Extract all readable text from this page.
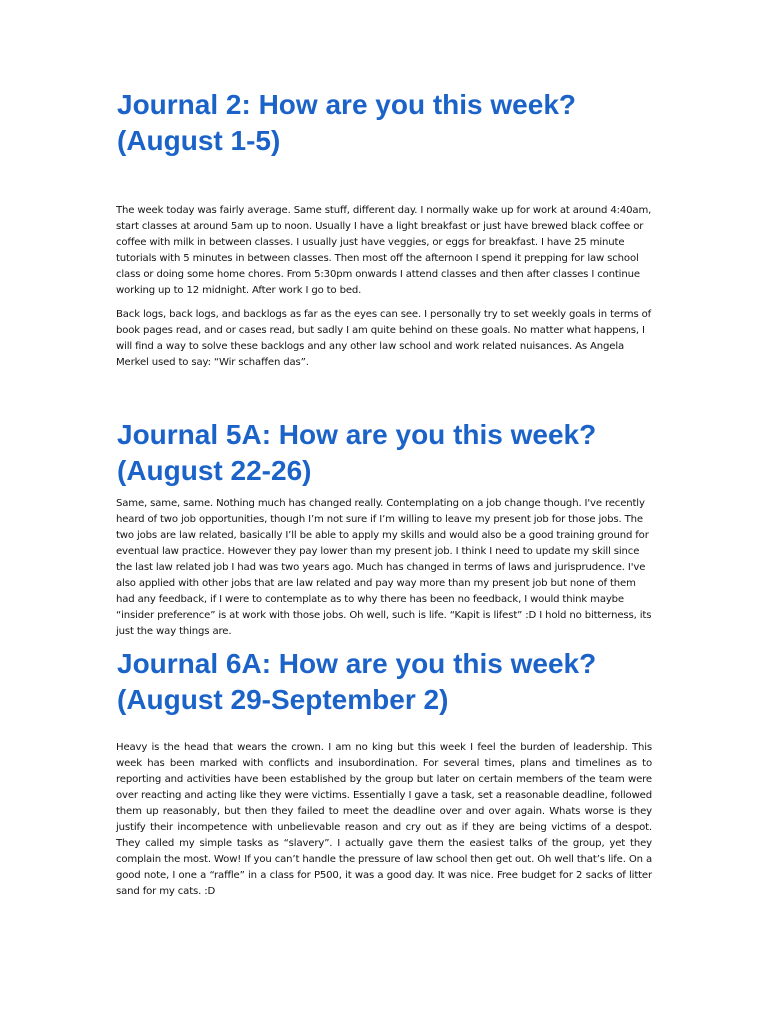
Journal 2: How are you this week?
(August 1-5)

The week today was fairly average. Same stuff, different day. I normally wake up for work at around 4:40am, start classes at around 5am up to noon. Usually I have a light breakfast or just have brewed black coffee or coffee with milk in between classes. I usually just have veggies, or eggs for breakfast. I have 25 minute tutorials with 5 minutes in between classes. Then most off the afternoon I spend it prepping for law school class or doing some home chores. From 5:30pm onwards I attend classes and then after classes I continue working up to 12 midnight. After work I go to bed.

Back logs, back logs, and backlogs as far as the eyes can see. I personally try to set weekly goals in terms of book pages read, and or cases read, but sadly I am quite behind on these goals. No matter what happens, I will find a way to solve these backlogs and any other law school and work related nuisances. As Angela Merkel used to say: “Wir schaffen das”.

Journal 5A: How are you this week?
(August 22-26)

Same, same, same. Nothing much has changed really. Contemplating on a job change though. I've recently heard of two job opportunities, though I’m not sure if I’m willing to leave my present job for those jobs. The two jobs are law related, basically I’ll be able to apply my skills and would also be a good training ground for eventual law practice. However they pay lower than my present job. I think I need to update my skill since the last law related job I had was two years ago. Much has changed in terms of laws and jurisprudence. I've also applied with other jobs that are law related and pay way more than my present job but none of them had any feedback, if I were to contemplate as to why there has been no feedback, I would think maybe “insider preference” is at work with those jobs. Oh well, such is life. “Kapit is lifest” :D I hold no bitterness, its just the way things are.

Journal 6A: How are you this week?
(August 29-September 2)

Heavy is the head that wears the crown. I am no king but this week I feel the burden of leadership. This week has been marked with conflicts and insubordination. For several times, plans and timelines as to reporting and activities have been established by the group but later on certain members of the team were over reacting and acting like they were victims. Essentially I gave a task, set a reasonable deadline, followed them up reasonably, but then they failed to meet the deadline over and over again. Whats worse is they justify their incompetence with unbelievable reason and cry out as if they are being victims of a despot. They called my simple tasks as “slavery”. I actually gave them the easiest talks of the group, yet they complain the most. Wow! If you can’t handle the pressure of law school then get out. Oh well that’s life. On a good note, I one a “raffle” in a class for P500, it was a good day. It was nice. Free budget for 2 sacks of litter sand for my cats. :D
